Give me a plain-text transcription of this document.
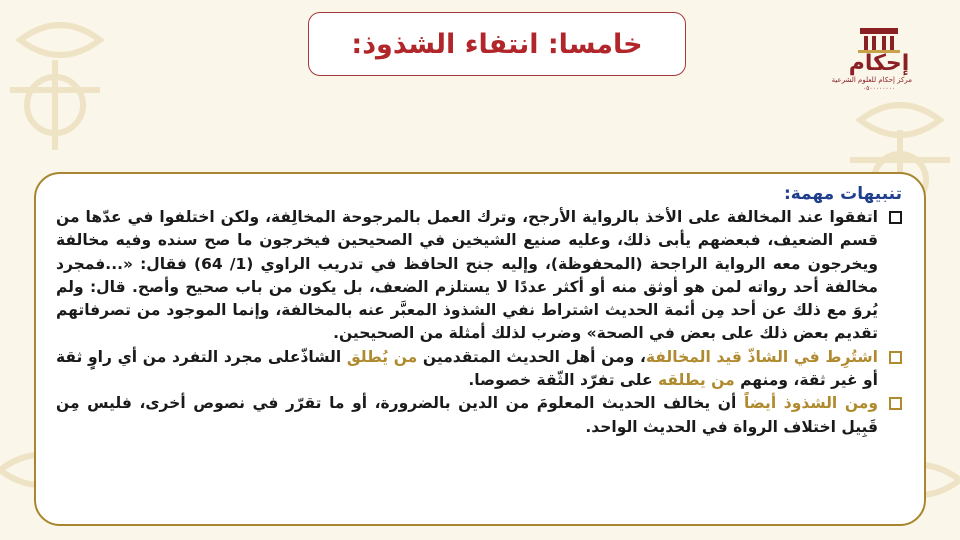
خامسا: انتفاء الشذوذ:
إحكام
مركز إحكام للعلوم الشرعية
٠٥٠٠٠٠٠٠٠٠
تنبيهات مهمة:
اتفقوا عند المخالفة على الأخذ بالرواية الأرجح، وترك العمل بالمرجوحة المخالِفة، ولكن اختلفوا في عدّها من قسم الضعيف، فبعضهم يأبى ذلك، وعليه صنيع الشيخين في الصحيحين فيخرجون ما صح سنده وفيه مخالفة ويخرجون معه الرواية الراجحة (المحفوظة)، وإليه جنح الحافظ في تدريب الراوي (1/ 64) فقال: «...فمجرد مخالفة أحد رواته لمن هو أوثق منه أو أكثر عددًا لا يستلزم الضعف، بل يكون من باب صحيح وأصح. قال: ولم يُروَ مع ذلك عن أحد مِن أئمة الحديث اشتراط نفي الشذوذ المعبَّر عنه بالمخالفة، وإنما الموجود من تصرفاتهم تقديم بعض ذلك على بعض في الصحة» وضرب لذلك أمثلة من الصحيحين.
اشتُرِط في الشاذّ قيد المخالفة، ومن أهل الحديث المتقدمين من يُطلق الشاذّعلى مجرد التفرد من أي راوٍ ثقة أو غير ثقة، ومنهم من يطلقه على تفرّد الثّقة خصوصا.
ومن الشذوذ أيضاً أن يخالف الحديث المعلومَ من الدين بالضرورة، أو ما تقرّر في نصوص أخرى، فليس مِن قَبِيل اختلاف الرواة في الحديث الواحد.
